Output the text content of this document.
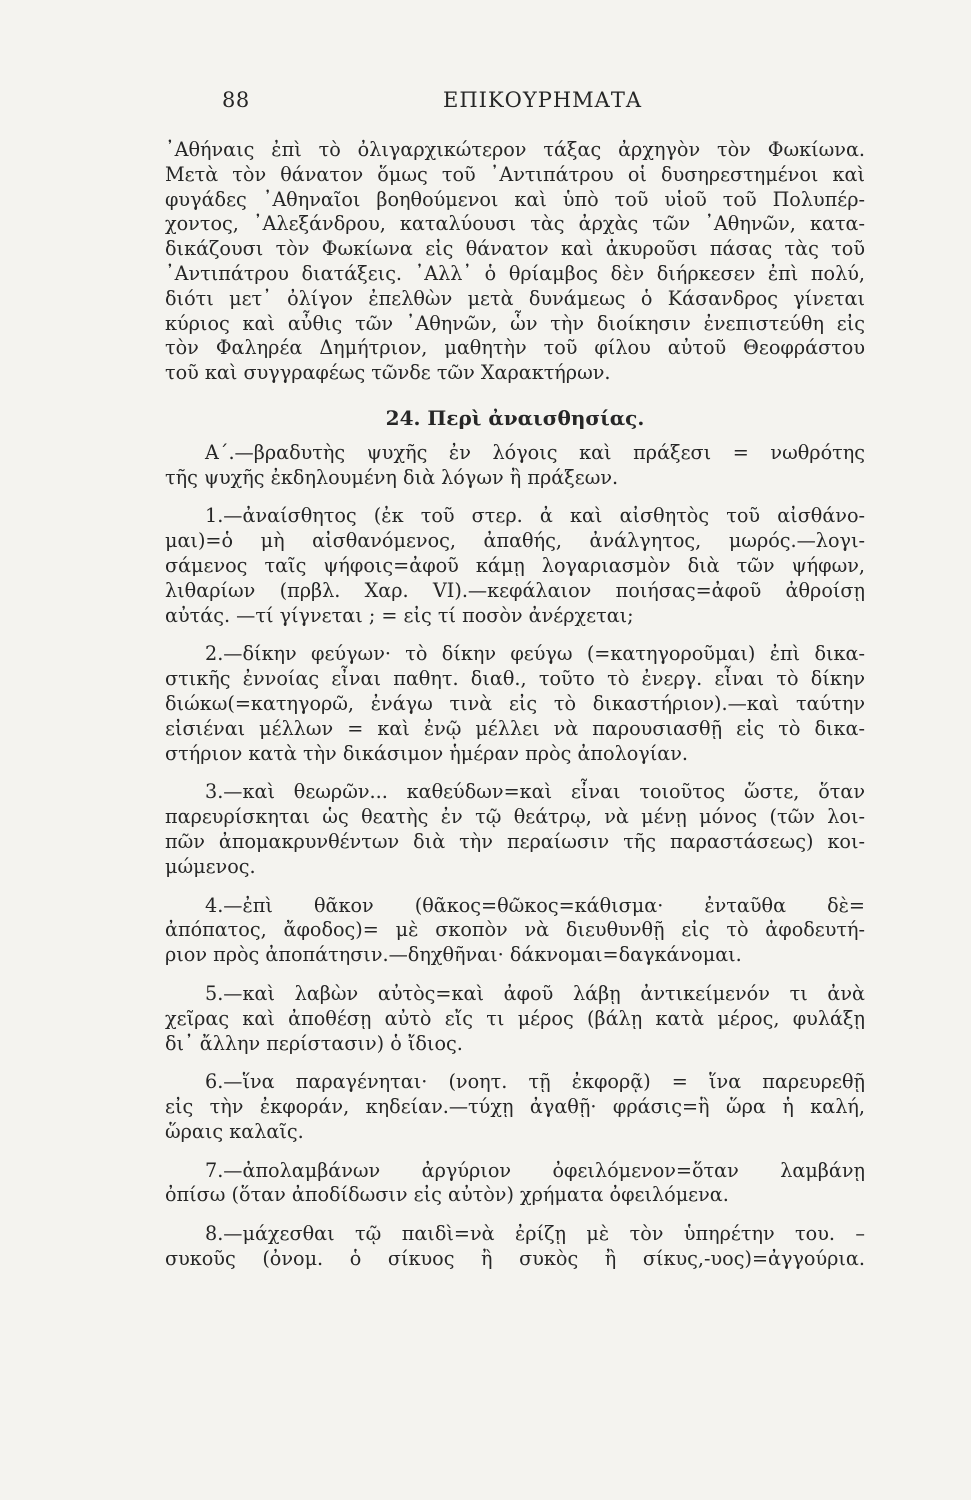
88	ΕΠΙΚΟΥΡΗΜΑΤΑ
᾿Αθήναις ἐπὶ τὸ ὀλιγαρχικώτερον τάξας ἀρχηγὸν τὸν Φωκίωνα.
Μετὰ τὸν θάνατον ὅμως τοῦ ᾿Αντιπάτρου οἱ δυσηρεστημένοι καὶ
φυγάδες ᾿Αθηναῖοι βοηθούμενοι καὶ ὑπὸ τοῦ υἱοῦ τοῦ Πολυπέρ-
χοντος, ᾿Αλεξάνδρου, καταλύουσι τὰς ἀρχὰς τῶν ᾿Αθηνῶν, κατα-
δικάζουσι τὸν Φωκίωνα εἰς θάνατον καὶ ἀκυροῦσι πάσας τὰς τοῦ
᾿Αντιπάτρου διατάξεις. ᾿Αλλ᾿ ὁ θρίαμβος δὲν διήρκεσεν ἐπὶ πολύ,
διότι μετ᾿ ὀλίγον ἐπελθὼν μετὰ δυνάμεως ὁ Κάσανδρος γίνεται
κύριος καὶ αὖθις τῶν ᾿Αθηνῶν, ὧν τὴν διοίκησιν ἐνεπιστεύθη εἰς
τὸν Φαληρέα Δημήτριον, μαθητὴν τοῦ φίλου αὐτοῦ Θεοφράστου
τοῦ καὶ συγγραφέως τῶνδε τῶν Χαρακτήρων.
24. Περὶ ἀναισθησίας.
Α΄.—βραδυτὴς ψυχῆς ἐν λόγοις καὶ πράξεσι = νωθρότης
τῆς ψυχῆς ἐκδηλουμένη διὰ λόγων ἢ πράξεων.
1.—ἀναίσθητος (ἐκ τοῦ στερ. ἀ καὶ αἰσθητὸς τοῦ αἰσθάνο-
μαι)=ὁ μὴ αἰσθανόμενος, ἀπαθής, ἀνάλγητος, μωρός.—λογι-
σάμενος ταῖς ψήφοις=ἀφοῦ κάμῃ λογαριασμὸν διὰ τῶν ψήφων,
λιθαρίων (πρβλ. Χαρ. VI).—κεφάλαιον ποιήσας=ἀφοῦ ἀθροίσῃ
αὐτάς. —τί γίγνεται ; = εἰς τί ποσὸν ἀνέρχεται;
2.—δίκην φεύγων· τὸ δίκην φεύγω (=κατηγοροῦμαι) ἐπὶ δικα-
στικῆς ἐννοίας εἶναι παθητ. διαθ., τοῦτο τὸ ἐνεργ. εἶναι τὸ δίκην
διώκω(=κατηγορῶ, ἐνάγω τινὰ εἰς τὸ δικαστήριον).—καὶ ταύτην
εἰσιέναι μέλλων = καὶ ἐνῷ μέλλει νὰ παρουσιασθῇ εἰς τὸ δικα-
στήριον κατὰ τὴν δικάσιμον ἡμέραν πρὸς ἀπολογίαν.
3.—καὶ θεωρῶν... καθεύδων=καὶ εἶναι τοιοῦτος ὥστε, ὅταν
παρευρίσκηται ὡς θεατὴς ἐν τῷ θεάτρῳ, νὰ μένῃ μόνος (τῶν λοι-
πῶν ἀπομακρυνθέντων διὰ τὴν περαίωσιν τῆς παραστάσεως) κοι-
μώμενος.
4.—ἐπὶ θᾶκον (θᾶκος=θῶκος=κάθισμα· ἐνταῦθα δὲ=
ἀπόπατος, ἄφοδος)= μὲ σκοπὸν νὰ διευθυνθῇ εἰς τὸ ἀφοδευτή-
ριον πρὸς ἀποπάτησιν.—δηχθῆναι· δάκνομαι=δαγκάνομαι.
5.—καὶ λαβὼν αὐτὸς=καὶ ἀφοῦ λάβῃ ἀντικείμενόν τι ἀνὰ
χεῖρας καὶ ἀποθέσῃ αὐτὸ εἴς τι μέρος (βάλῃ κατὰ μέρος, φυλάξῃ
δι᾿ ἄλλην περίστασιν) ὁ ἴδιος.
6.—ἵνα παραγένηται· (νοητ. τῇ ἐκφορᾷ) = ἵνα παρευρεθῇ
εἰς τὴν ἐκφοράν, κηδείαν.—τύχῃ ἀγαθῇ· φράσις=ἣ ὥρα ἡ καλή,
ὥραις καλαῖς.
7.—ἀπολαμβάνων ἀργύριον ὀφειλόμενον=ὅταν λαμβάνῃ
ὀπίσω (ὅταν ἀποδίδωσιν εἰς αὐτὸν) χρήματα ὀφειλόμενα.
8.—μάχεσθαι τῷ παιδὶ=νὰ ἐρίζῃ μὲ τὸν ὑπηρέτην του. –
συκοῦς (ὀνομ. ὁ σίκυος ἢ συκὸς ἢ σίκυς,-υος)=ἀγγούρια.
